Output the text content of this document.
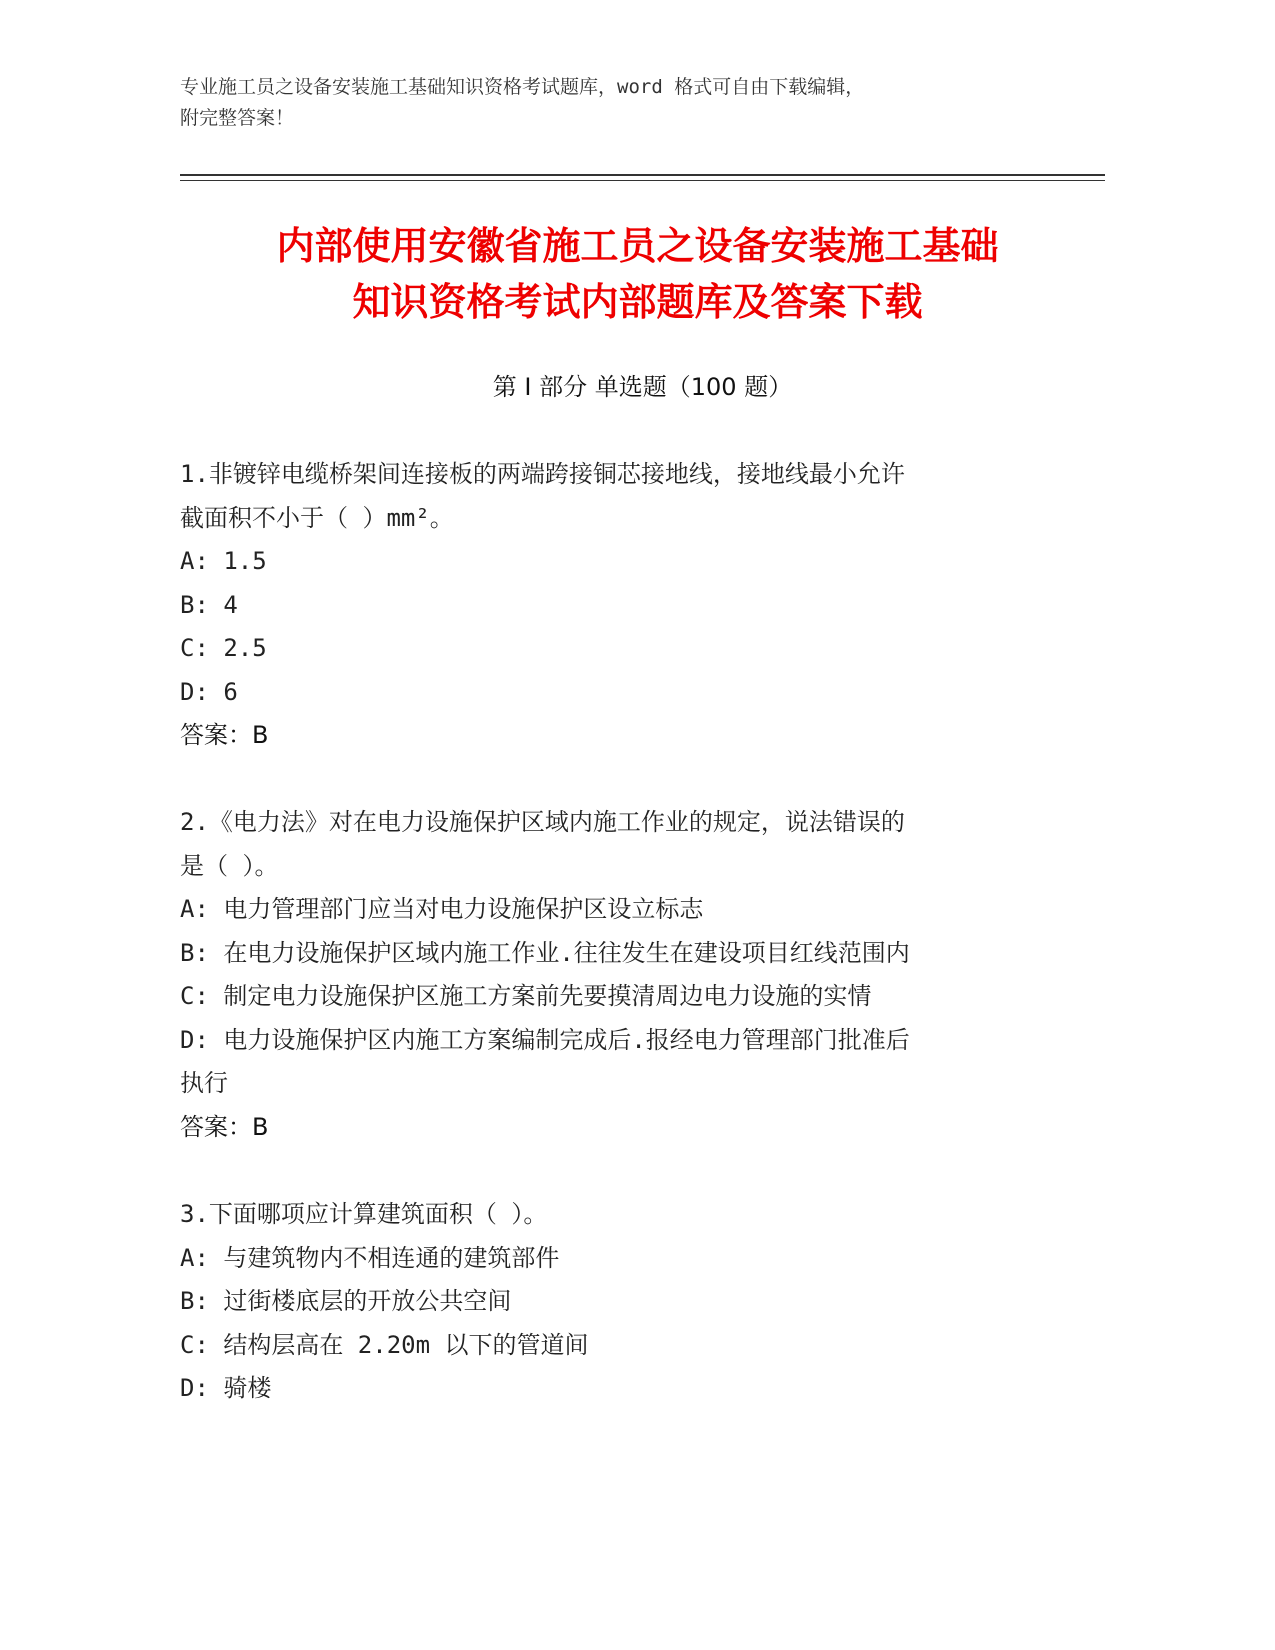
专业施工员之设备安装施工基础知识资格考试题库，word 格式可自由下载编辑，
附完整答案！
内部使用安徽省施工员之设备安装施工基础
知识资格考试内部题库及答案下载
第 I 部分 单选题（100 题）
1.非镀锌电缆桥架间连接板的两端跨接铜芯接地线，接地线最小允许
截面积不小于（ ）mm²。
A: 1.5
B: 4
C: 2.5
D: 6
答案：B
2.《电力法》对在电力设施保护区域内施工作业的规定，说法错误的
是（ ）。
A: 电力管理部门应当对电力设施保护区设立标志
B: 在电力设施保护区域内施工作业.往往发生在建设项目红线范围内
C: 制定电力设施保护区施工方案前先要摸清周边电力设施的实情
D: 电力设施保护区内施工方案编制完成后.报经电力管理部门批准后
执行
答案：B
3.下面哪项应计算建筑面积（ ）。
A: 与建筑物内不相连通的建筑部件
B: 过街楼底层的开放公共空间
C: 结构层高在 2.20m 以下的管道间
D: 骑楼
